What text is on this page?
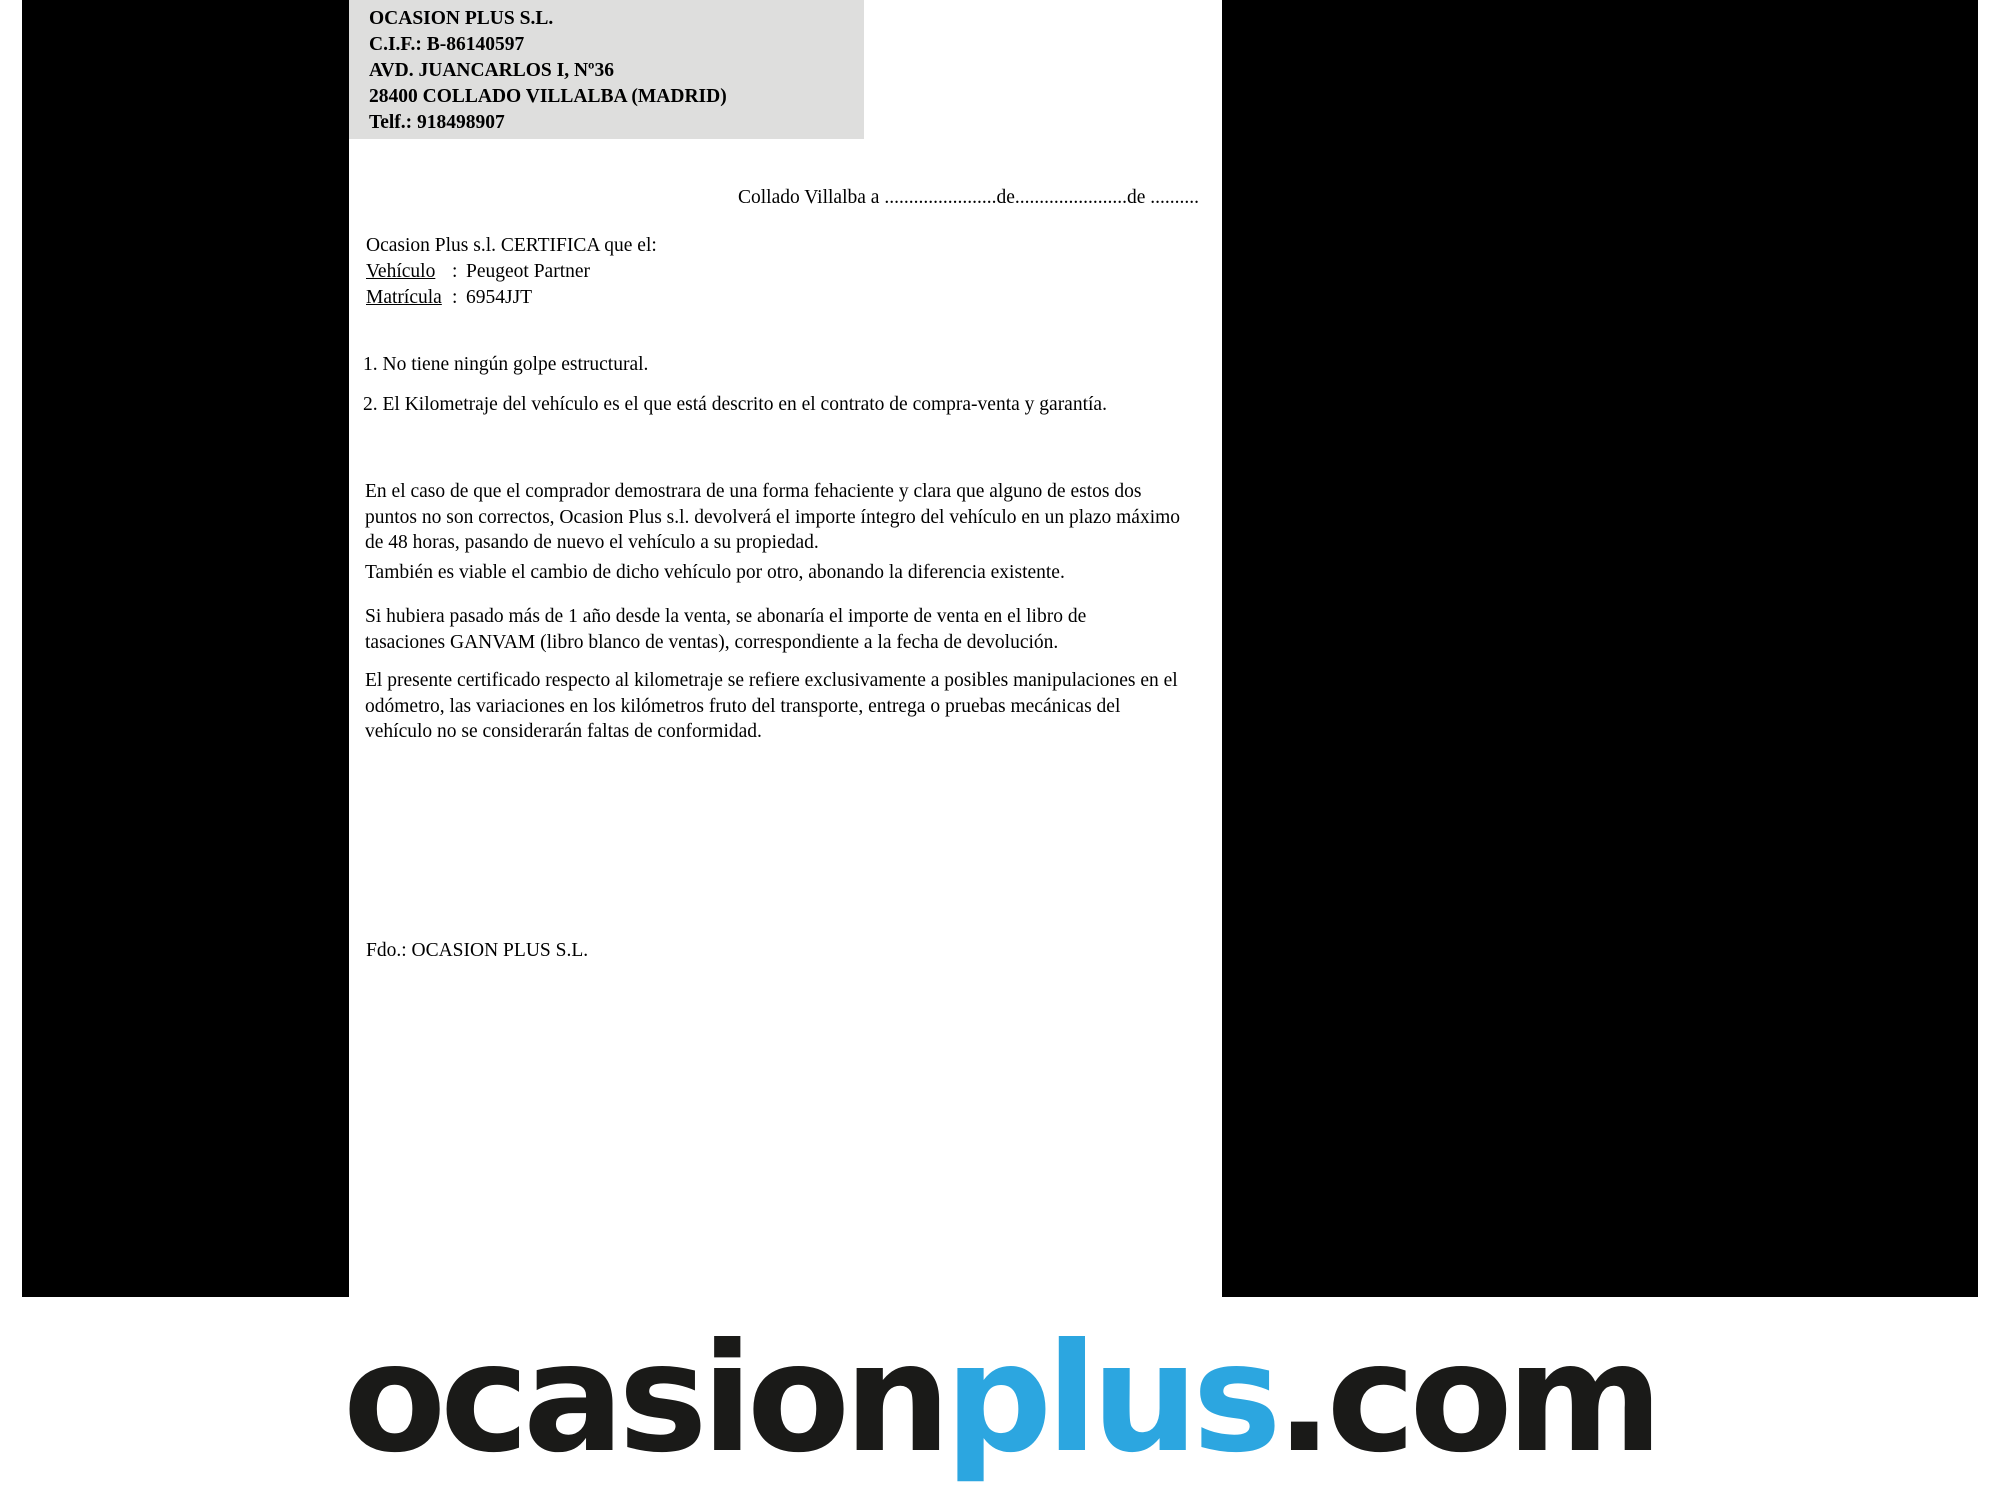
OCASION PLUS S.L.
C.I.F.: B-86140597
AVD. JUANCARLOS I, Nº36
28400 COLLADO VILLALBA (MADRID)
Telf.: 918498907
Collado Villalba a .......................de.......................de ..........
Ocasion Plus s.l. CERTIFICA que el:
Vehículo : Peugeot Partner
Matrícula : 6954JJT
1. No tiene ningún golpe estructural.
2. El Kilometraje del vehículo es el que está descrito en el contrato de compra-venta y garantía.
En el caso de que el comprador demostrara de una forma fehaciente y clara que alguno de estos dos puntos no son correctos, Ocasion Plus s.l. devolverá el importe íntegro del vehículo en un plazo máximo de 48 horas, pasando de nuevo el vehículo a su propiedad.
También es viable el cambio de dicho vehículo por otro, abonando la diferencia existente.
Si hubiera pasado más de 1 año desde la venta, se abonaría el importe de venta en el libro de tasaciones GANVAM (libro blanco de ventas), correspondiente a la fecha de devolución.
El presente certificado respecto al kilometraje se refiere exclusivamente a posibles manipulaciones en el odómetro, las variaciones en los kilómetros fruto del transporte, entrega o pruebas mecánicas del vehículo no se considerarán faltas de conformidad.
Fdo.: OCASION PLUS S.L.
ocasionplus.com
